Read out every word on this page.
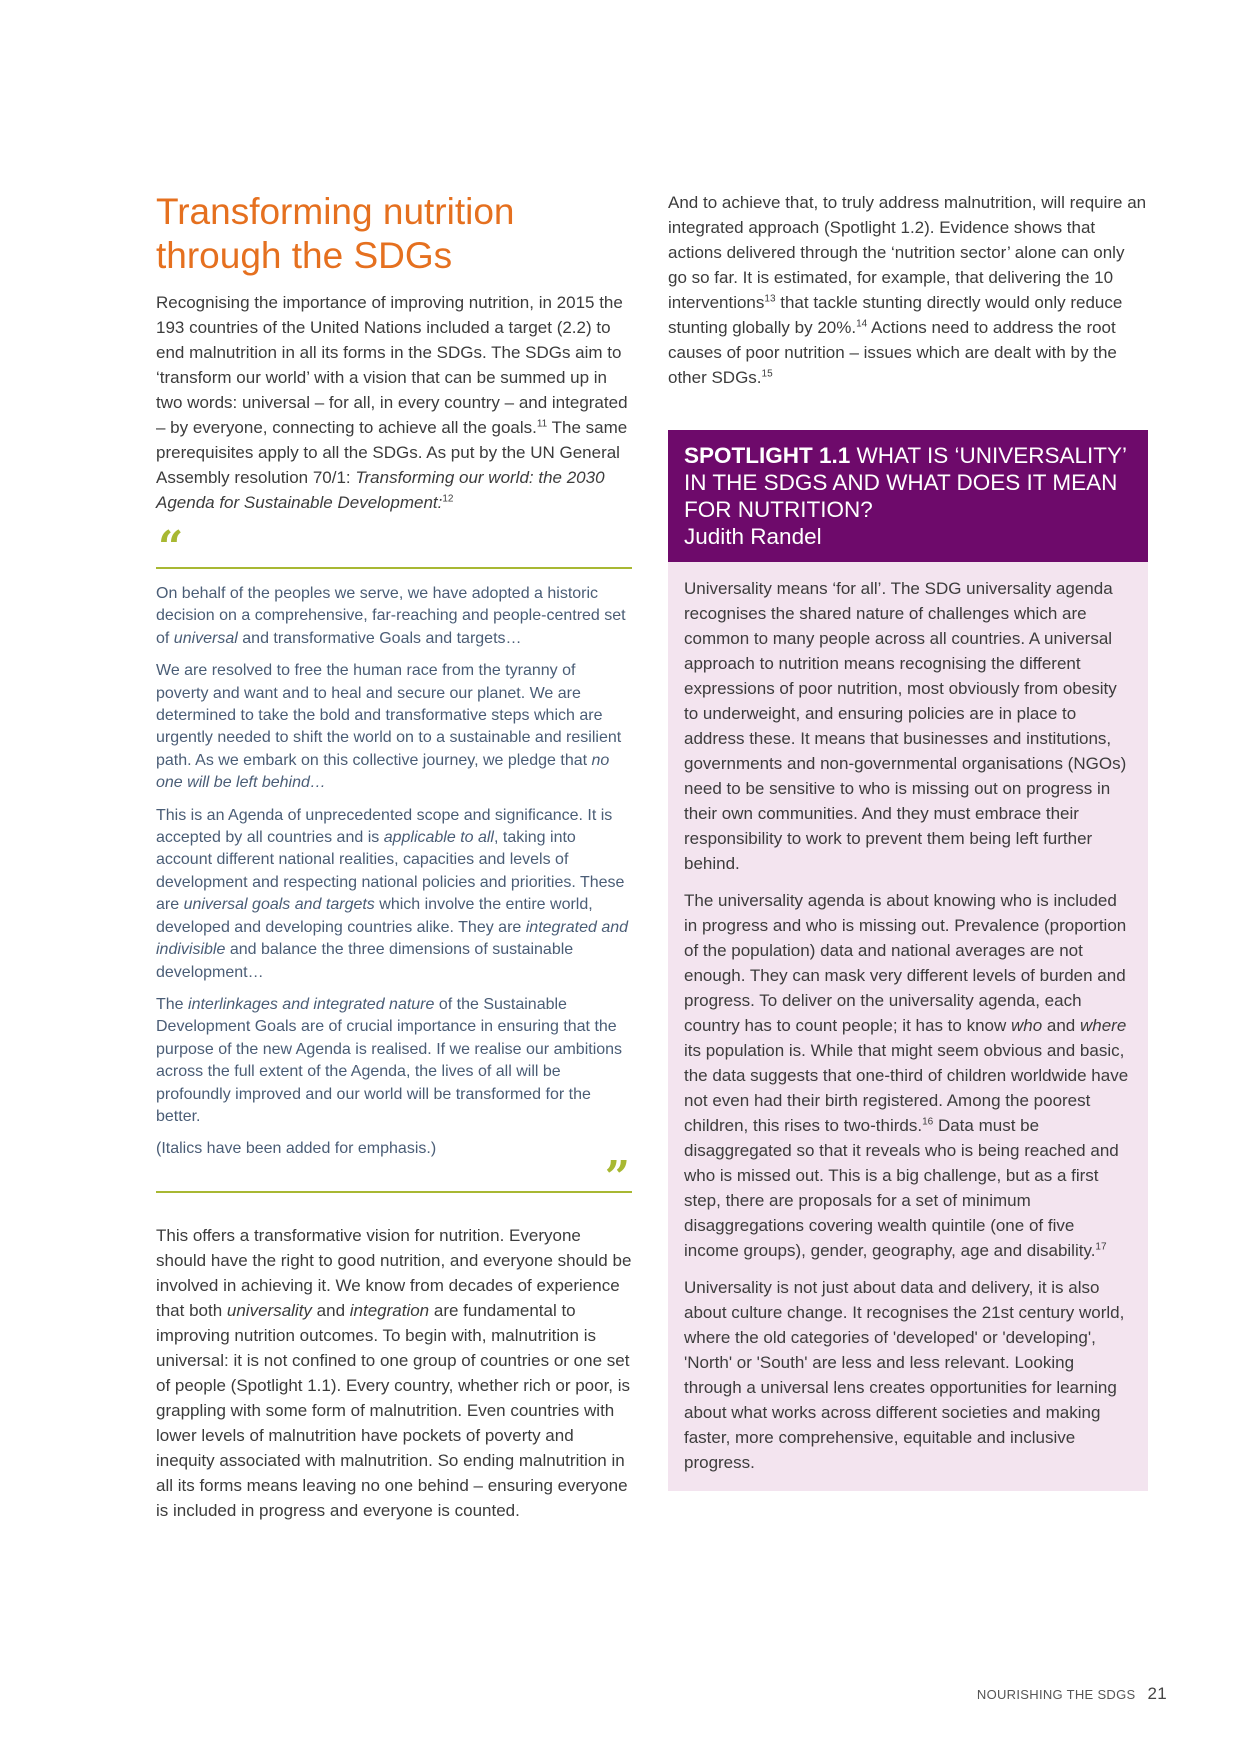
Transforming nutrition
through the SDGs

Recognising the importance of improving nutrition, in 2015 the 193 countries of the United Nations included a target (2.2) to end malnutrition in all its forms in the SDGs. The SDGs aim to ‘transform our world’ with a vision that can be summed up in two words: universal – for all, in every country – and integrated – by everyone, connecting to achieve all the goals.$^{11}$ The same prerequisites apply to all the SDGs. As put by the UN General Assembly resolution 70/1: Transforming our world: the 2030 Agenda for Sustainable Development:$^{12}$

“

On behalf of the peoples we serve, we have adopted a historic decision on a comprehensive, far-reaching and people-centred set of universal and transformative Goals and targets…

We are resolved to free the human race from the tyranny of poverty and want and to heal and secure our planet. We are determined to take the bold and transformative steps which are urgently needed to shift the world on to a sustainable and resilient path. As we embark on this collective journey, we pledge that no one will be left behind…

This is an Agenda of unprecedented scope and significance. It is accepted by all countries and is applicable to all, taking into account different national realities, capacities and levels of development and respecting national policies and priorities. These are universal goals and targets which involve the entire world, developed and developing countries alike. They are integrated and indivisible and balance the three dimensions of sustainable development…

The interlinkages and integrated nature of the Sustainable Development Goals are of crucial importance in ensuring that the purpose of the new Agenda is realised. If we realise our ambitions across the full extent of the Agenda, the lives of all will be profoundly improved and our world will be transformed for the better.

(Italics have been added for emphasis.)

”

This offers a transformative vision for nutrition. Everyone should have the right to good nutrition, and everyone should be involved in achieving it. We know from decades of experience that both universality and integration are fundamental to improving nutrition outcomes. To begin with, malnutrition is universal: it is not confined to one group of countries or one set of people (Spotlight 1.1). Every country, whether rich or poor, is grappling with some form of malnutrition. Even countries with lower levels of malnutrition have pockets of poverty and inequity associated with malnutrition. So ending malnutrition in all its forms means leaving no one behind – ensuring everyone is included in progress and everyone is counted.

And to achieve that, to truly address malnutrition, will require an integrated approach (Spotlight 1.2). Evidence shows that actions delivered through the ‘nutrition sector’ alone can only go so far. It is estimated, for example, that delivering the 10 interventions$^{13}$ that tackle stunting directly would only reduce stunting globally by 20%.$^{14}$ Actions need to address the root causes of poor nutrition – issues which are dealt with by the other SDGs.$^{15}$

SPOTLIGHT 1.1 WHAT IS ‘UNIVERSALITY’ IN THE SDGS AND WHAT DOES IT MEAN FOR NUTRITION?
Judith Randel

Universality means ‘for all’. The SDG universality agenda recognises the shared nature of challenges which are common to many people across all countries. A universal approach to nutrition means recognising the different expressions of poor nutrition, most obviously from obesity to underweight, and ensuring policies are in place to address these. It means that businesses and institutions, governments and non-governmental organisations (NGOs) need to be sensitive to who is missing out on progress in their own communities. And they must embrace their responsibility to work to prevent them being left further behind.

The universality agenda is about knowing who is included in progress and who is missing out. Prevalence (proportion of the population) data and national averages are not enough. They can mask very different levels of burden and progress. To deliver on the universality agenda, each country has to count people; it has to know who and where its population is. While that might seem obvious and basic, the data suggests that one-third of children worldwide have not even had their birth registered. Among the poorest children, this rises to two-thirds.$^{16}$ Data must be disaggregated so that it reveals who is being reached and who is missed out. This is a big challenge, but as a first step, there are proposals for a set of minimum disaggregations covering wealth quintile (one of five income groups), gender, geography, age and disability.$^{17}$

Universality is not just about data and delivery, it is also about culture change. It recognises the 21st century world, where the old categories of 'developed' or 'developing', 'North' or 'South' are less and less relevant. Looking through a universal lens creates opportunities for learning about what works across different societies and making faster, more comprehensive, equitable and inclusive progress.

NOURISHING THE SDGS 21
